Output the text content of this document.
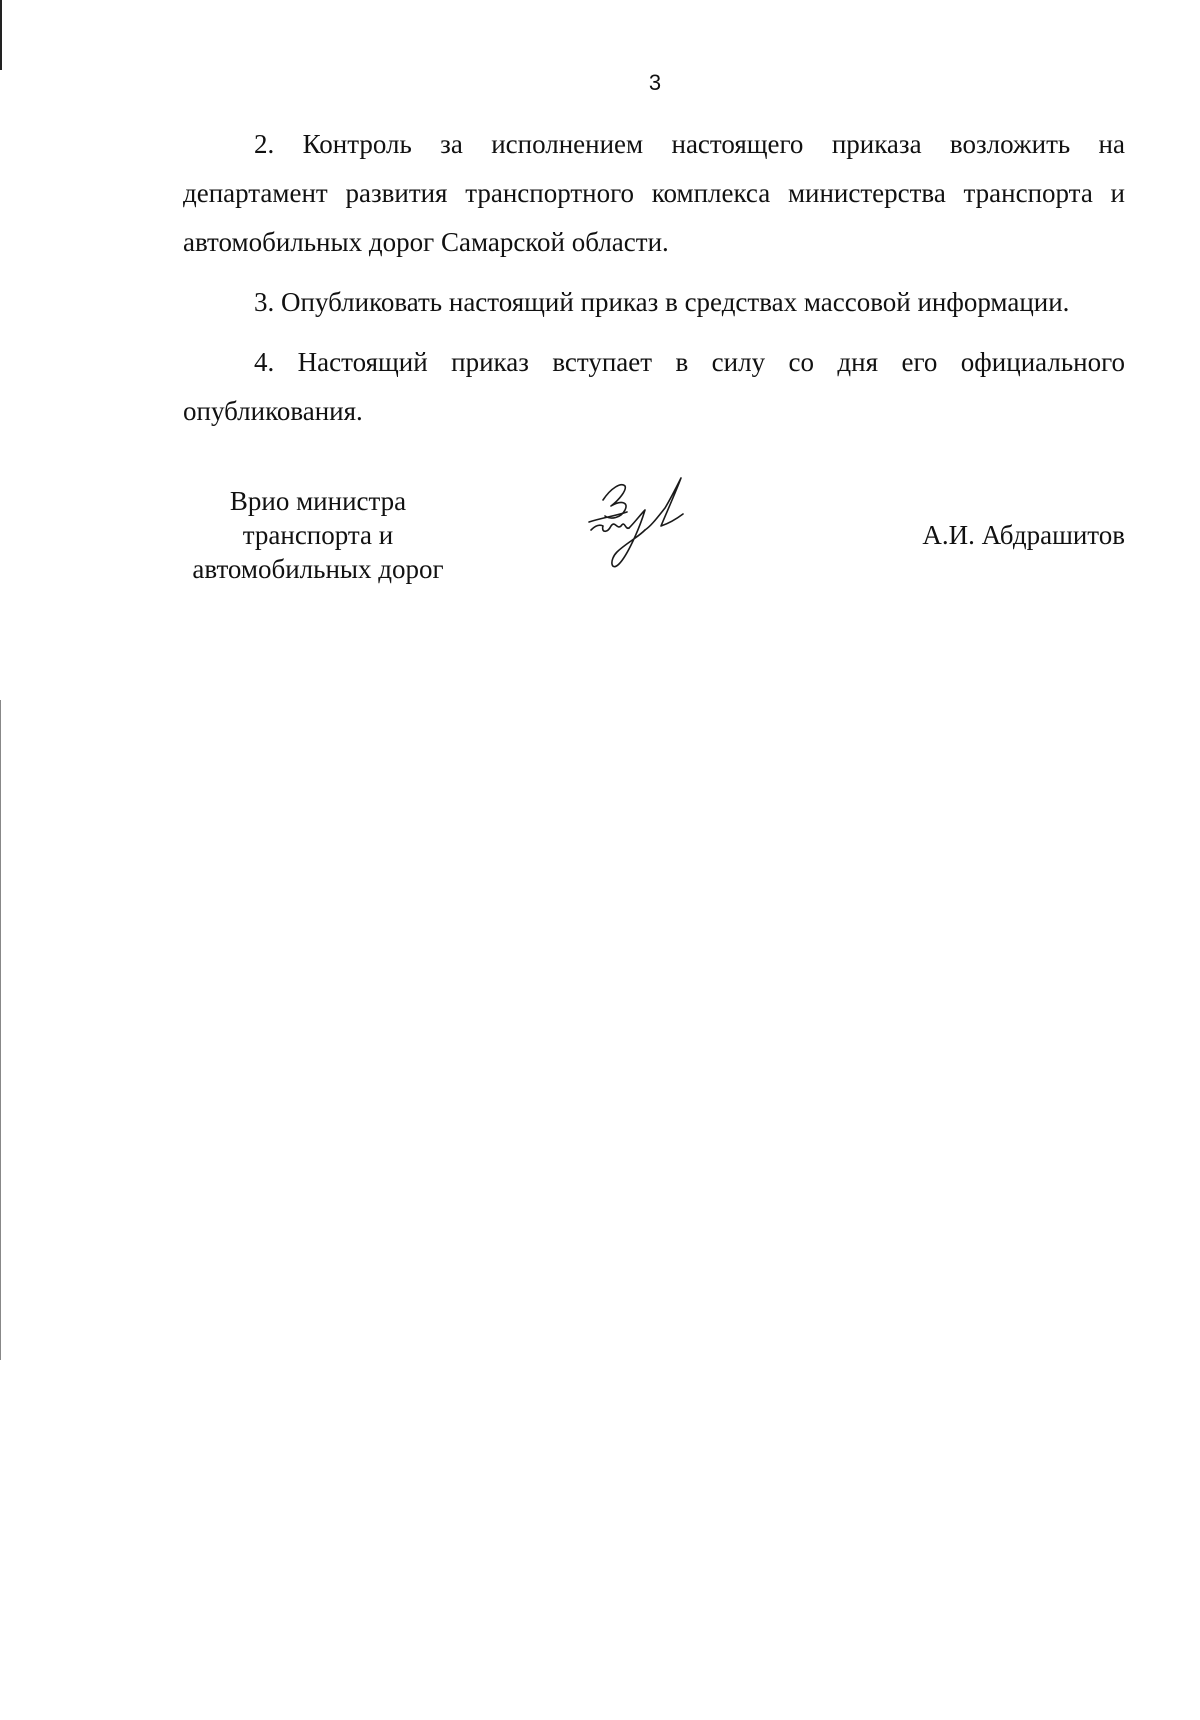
3

2. Контроль за исполнением настоящего приказа возложить на департамент развития транспортного комплекса министерства транспорта и автомобильных дорог Самарской области.

3. Опубликовать настоящий приказ в средствах массовой информации.

4. Настоящий приказ вступает в силу со дня его официального опубликования.

Врио министра
транспорта и
автомобильных дорог
А.И. Абдрашитов
